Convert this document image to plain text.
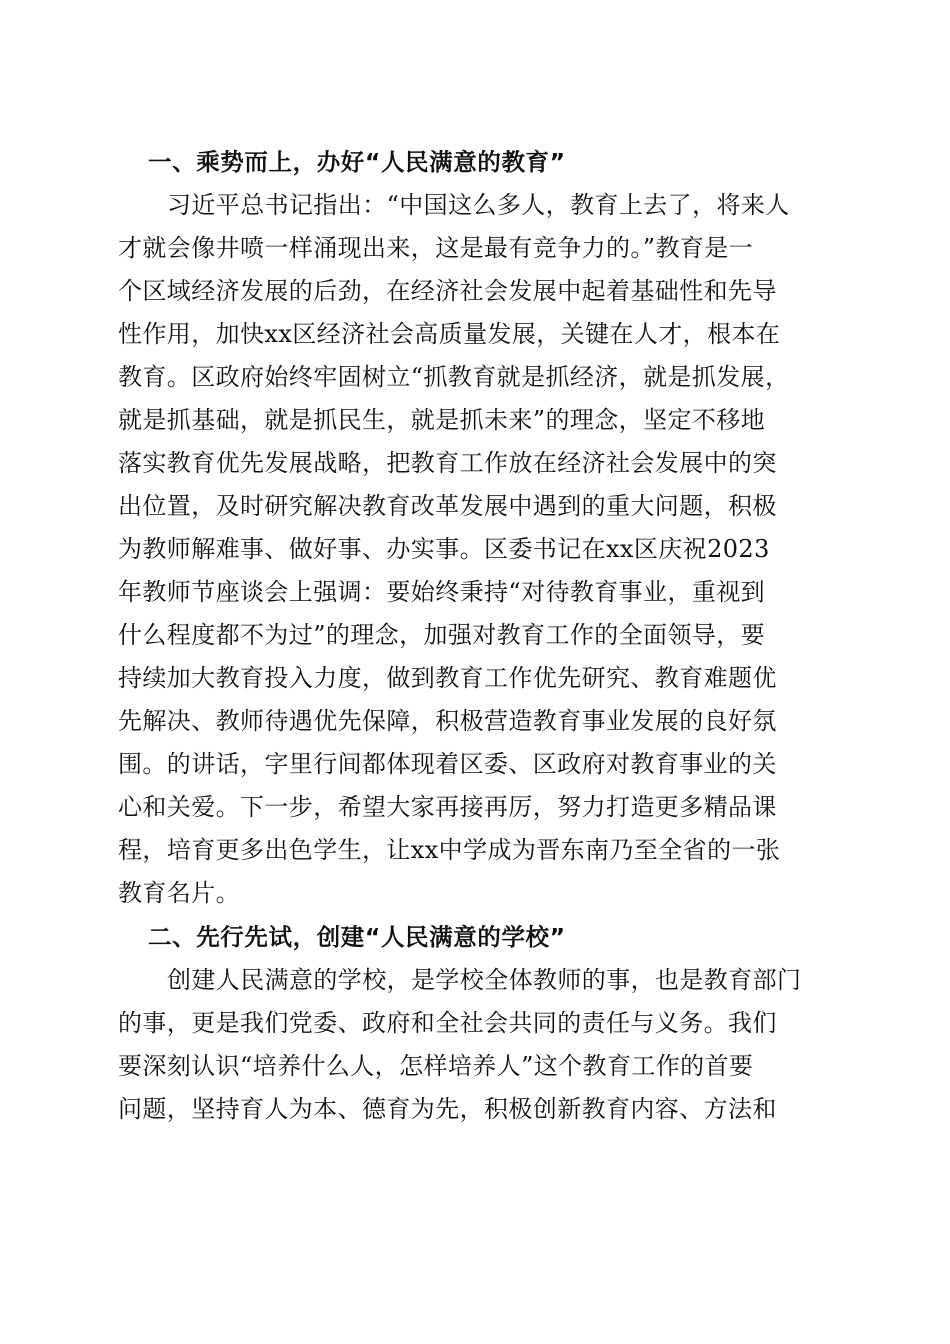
一、乘势而上，办好“人民满意的教育”
习近平总书记指出：“中国这么多人，教育上去了，将来人
才就会像井喷一样涌现出来，这是最有竞争力的。”教育是一
个区域经济发展的后劲，在经济社会发展中起着基础性和先导
性作用，加快xx区经济社会高质量发展，关键在人才，根本在
教育。区政府始终牢固树立“抓教育就是抓经济，就是抓发展，
就是抓基础，就是抓民生，就是抓未来”的理念，坚定不移地
落实教育优先发展战略，把教育工作放在经济社会发展中的突
出位置，及时研究解决教育改革发展中遇到的重大问题，积极
为教师解难事、做好事、办实事。区委书记在xx区庆祝2023
年教师节座谈会上强调：要始终秉持“对待教育事业，重视到
什么程度都不为过”的理念，加强对教育工作的全面领导，要
持续加大教育投入力度，做到教育工作优先研究、教育难题优
先解决、教师待遇优先保障，积极营造教育事业发展的良好氛
围。的讲话，字里行间都体现着区委、区政府对教育事业的关
心和关爱。下一步，希望大家再接再厉，努力打造更多精品课
程，培育更多出色学生，让xx中学成为晋东南乃至全省的一张
教育名片。
二、先行先试，创建“人民满意的学校”
创建人民满意的学校，是学校全体教师的事，也是教育部门
的事，更是我们党委、政府和全社会共同的责任与义务。我们
要深刻认识“培养什么人，怎样培养人”这个教育工作的首要
问题，坚持育人为本、德育为先，积极创新教育内容、方法和
